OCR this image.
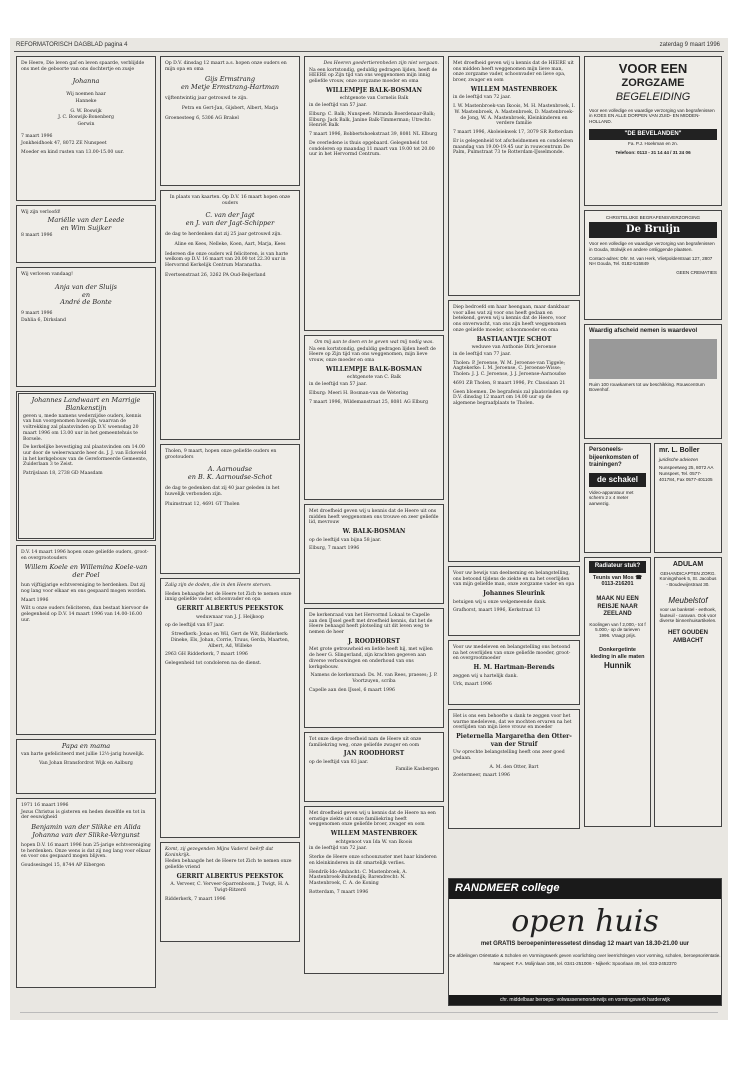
REFORMATORISCH DAGBLAD pagina 4	zaterdag 9 maart 1996

De Heere, Die leven gaf en leven spaarde, verblijdde ons met de geboorte van ons dochtertje en zusje

Johanna

Wij noemen haar

Hanneke

G. W. Boswijk

J. C. Boswijk-Bonenberg

Gerwin

7 maart 1996

Jonkheidhoek 47, 8072 ZE Nunspeet

Moeder en kind rusten van 13.00-15.00 uur.

Wij zijn verloofd!

Mariëlle van der Leede
en Wim Suijker

8 maart 1996

Wij verloven vandaag!

Anja van der Sluijs
en
André de Bonte

9 maart 1996

Dahlia 6, Dirksland

Johannes Landwaart en Marrigje Blankenstijn

geven u, mede namens wederzijdse ouders, kennis van hun voorgenomen huwelijk, waarvan de voltrekking zal plaatsvinden op D.V. woensdag 20 maart 1996 om 13.00 uur in het gemeentehuis te Borsele.

De kerkelijke bevestiging zal plaatsvinden om 14.00 uur door de weleerwaarde heer ds. J. J. van Eckeveld in het kerkgebouw van de Gereformeerde Gemeente, Zuiderlaan 3 te Zeist.

Patrijslaan 18, 2738 GD Maasdam

D.V. 14 maart 1996 hopen onze geliefde ouders, groot- en overgrootouders

Willem Koele en Willemina Koele-van der Poel

hun vijftigjarige echtvereniging te herdenken. Dat zij nog lang voor elkaar en ons gespaard mogen worden.

Maart 1996

Wilt u onze ouders feliciteren, dan bestaat hiervoor de gelegenheid op D.V. 14 maart 1996 van 14.00-16.00 uur.

Papa en mama

van harte gefeliciteerd met jullie 12½-jarig huwelijk.

Van Johan Bransfordrot Wijk en Aalburg

1971 16 maart 1996

Jezus Christus is gisteren en heden dezelfde en tot in der eeuwigheid

Benjamin van der Slikke en Alida Johanna van der Slikke-Vergunst

hopen D.V. 16 maart 1996 hun 25-jarige echtvereniging te herdenken. Onze wens is dat zij nog lang voor elkaar en voor ons gespaard mogen blijven.

Goudsesingel 15, 8744 AP Eibergen

Op D.V. dinsdag 12 maart a.s. hopen onze ouders en mijn opa en oma

Gijs Ermstrang
en Metje Ermstrang-Hartman

vijftentwintig jaar getrouwd te zijn.

Petra en Gert-Jan, Gijsbert, Albert, Marja

Groenesteeg 6, 5306 AG Brakel

In plaats van kaarten. Op D.V. 16 maart hopen onze ouders

C. van der Jagt
en J. van der Jagt-Schipper

de dag te herdenken dat zij 25 jaar getrouwd zijn.

Aline en Kees, Nelleke, Koen, Aart, Marja, Kees

Iedereen die onze ouders wil feliciteren, is van harte welkom op D.V. 16 maart van 20.00 tot 22.30 uur in Hervormd Kerkelijk Centrum Maranatha.

Evertsenstraat 26, 3262 PA Oud-Beijerland

Tholen, 9 maart, hopen onze geliefde ouders en grootouders

A. Aarnoudse
en B. K. Aarnoudse-Schot

de dag te gedenken dat zij 40 jaar geleden in het huwelijk verbonden zijn.

Pluimstraat 12, 4691 GT Tholen

Zalig zijn de doden, die in den Heere sterven.

Heden behaagde het de Heere tot Zich te nemen onze innig geliefde vader, schoonvader en opa

GERRIT ALBERTUS PEEKSTOK

weduwnaar van J. J. Heijkoop

op de leeftijd van 87 jaar.

Streefkerk: Jonas en Wil, Gert de Wit, Ridderkerk: Dineke, Els, Johan, Corrie, Truus, Gerda, Maarten, Albert, Ad, Willeke

2963 GH Ridderkerk, 7 maart 1996

Gelegenheid tot condoleren na de dienst.

Komt, zij gezegenden Mijns Vaders! beërft dat Koninkrijk.

Heden behaagde het de Heere tot Zich te nemen onze geliefde vriend

GERRIT ALBERTUS PEEKSTOK

A. Verveer, C. Verveer-Sparrenboom, J. Twigt, H. A. Twigt-Ritzerd

Ridderkerk, 7 maart 1996

Des Heeren goedertierenheden zijn niet vergaan.

Na een kortstondig, geduldig gedragen lijden, heeft de HEERE op Zijn tijd van ons weggenomen mijn innig geliefde vrouw, onze zorgzame moeder en oma

WILLEMPJE BALK-BOSMAN

echtgenote van Cornelis Balk

in de leeftijd van 57 jaar.

Elburg: C. Balk; Nunspeet: Miranda Boerdenaar-Balk; Elburg: Jack Balk, Janine Balk-Timmerman; Utrecht: Henriët Balk

7 maart 1996, Bobbertshoekstraat 39, 8081 NL Elburg

De overledene is thuis opgebaard. Gelegenheid tot condoleren op maandag 11 maart van 19.00 tot 20.00 uur in het Hervormd Centrum.

Om mij aan te doen en te geven wat mij nodig was.

Na een kortstondig, geduldig gedragen lijden heeft de Heere op Zijn tijd van ons weggenomen, mijn lieve vrouw, onze moeder en oma

WILLEMPJE BALK-BOSMAN

echtgenote van C. Balk

in de leeftijd van 57 jaar.

Elburg: Meeri H. Bosman-van de Wetering

7 maart 1996, Wildemanstraat 25, 8081 AG Elburg

Met droefheid geven wij u kennis dat de Heere uit ons midden heeft weggenomen ons trouwe en zeer geliefde lid, mevrouw

W. BALK-BOSMAN

op de leeftijd van bijna 58 jaar.

Elburg, 7 maart 1996

De kerkenraad van het Hervormd Lokaal te Capelle aan den IJssel geeft met droefheid kennis, dat het de Heere behaagd heeft plotseling uit dit leven weg te nemen de heer

J. ROODHORST

Met grote getrouwheid en liefde heeft hij, met wijlen de heer G. Slingerland, zijn krachten gegeven aan diverse verbouwingen en onderhoud van ons kerkgebouw.

Namens de kerkenraad: Ds. M. van Rees, praeses; J. P. Voortzuyen, scriba

Capelle aan den IJssel, 6 maart 1996

Tot onze diepe droefheid nam de Heere uit onze familiekring weg, onze geliefde zwager en oom

JAN ROODHORST

op de leeftijd van 83 jaar.

Familie Kasbergen

Met droefheid geven wij u kennis dat de Heere na een ernstige ziekte uit onze familiekring heeft weggenomen onze geliefde broer, zwager en oom

WILLEM MASTENBROEK

echtgenoot van Ida W. van Ikoois

in de leeftijd van 72 jaar.

Sterke de Heere onze schoonzuster met haar kinderen en kleinkinderen in dit smartelijk verlies.

Hendrik-Ido-Ambacht: C. Mastenbroek, A. Mastenbroek-Buitendijk; Barendrecht: N. Mastenbroek, C. A. de Koning

Rotterdam, 7 maart 1996

Met droefheid geven wij u kennis dat de HEERE uit ons midden heeft weggenomen mijn lieve man, onze zorgzame vader, schoonvader en lieve opa, broer, zwager en oom

WILLEM MASTENBROEK

in de leeftijd van 72 jaar.

I. W. Mastenbroek-van Ikoois, M. H. Mastenbroek, I. W. Mastenbroek, A. Mastenbroek, D. Mastenbroek-de Jong, W. A. Mastenbroek, Kleinkinderen en verdere familie

7 maart 1996, Akoleiekwek 17, 3079 SR Rotterdam

Er is gelegenheid tot afscheidnemen en condoleren maandag van 19.00-19.45 uur in rouwcentrum De Palm, Pulmstraat 73 te Rotterdam-IJsselmonde.

Diep bedroefd om haar heengaan, maar dankbaar voor alles wat zij voor ons heeft gedaan en betekend, geven wij u kennis dat de Heere, voor ons onverwacht, van ons zijn heeft weggenomen onze geliefde moeder, schoonmoeder en oma

BASTIAANTJE SCHOT

weduwe van Anthonie Dirk Jeroense

in de leeftijd van 77 jaar.

Tholen: P. Jeroense, W. M. Jeroense-van Tiggele; Aagtekerke: I. M. Jeroense, C. Jeroense-Wisse; Tholen: J. J. C. Jeroense, J. J. Jeroense-Aarnoudse

4691 ZB Tholen, 8 maart 1996, Pr. Clausiaan 21

Geen bloemen. De begrafenis zal plaatsvinden op D.V. dinsdag 12 maart om 14.00 uur op de algemene begraafplaats te Tholen.

Voor uw bewijs van deelneming en belangstelling, ons betoond tijdens de ziekte en na het overlijden van mijn geliefde man, onze zorgzame vader en opa

Johannes Sleurink

betuigen wij u onze welgemeende dank.

Grafhorst, maart 1996, Kerkstraat 13

Voor uw medeleven en belangstelling ons betoond na het overlijden van onze geliefde moeder, groot- en overgrootmoeder

H. M. Hartman-Berends

zeggen wij u hartelijk dank.

Urk, maart 1996

Het is ons een behoefte u dank te zeggen voor het warme medeleven, dat we mochten ervaren na het overlijden van mijn lieve vrouw en moeder

Pieternella Margaretha den Otter-van der Struif

Uw oprechte belangstelling heeft ons zeer goed gedaan.

A. M. den Otter, Bart

Zoetermeer, maart 1996

VOOR EEN
ZORGZAME
BEGELEIDING

Voor een volledige en waardige verzorging van begrafenissen in KOES EN ALLE DORPEN VAN ZUID- EN MIDDEN-HOLLAND.

"DE BEVELANDEN"

Fa. P.J. Hoekman en zn.

Telefoon: 0113 - 31 14 44 / 31 24 06

CHRISTELIJKE BEGRAFENISVERZORGING

De Bruijn

Voor een volledige en waardige verzorging van begrafenissen in Gouda, Stolwijk en andere omliggende plaatsen.

Contact-adres: Dhr. M. van Herk, Vlietpolderstraat 127, 2807 NH Gouda, Tel. 0182-515849

GEEN CREMATIES

Waardig afscheid nemen is waardevol

Ruim 100 rouwkamers tot uw beschikking. Rouwcentrum Bovenhof.

Personeels-bijeenkomsten of trainingen?
de schakel

Video-apparatuur met scherm 2 x 4 meter aanwezig.

mr. L. Boller

juridische adviezen

Nunspeetweg 25, 8072 AA Nunspeet, Tel. 0577-401784, Fax 0577-401105

Radiateur stuk?
Teunis van Mos ☎ 0113-216201
MAAK NU EEN REISJE NAAR ZEELAND

Koolingen van f 2,000,- tot f 5.000,- op de tarieven 1996. Vraagt prijs.

Donkergetinte kleding in alle maten
Hunnik
ADULAM

GEHANDICAPTEN ZORG. Koningshoek 5, St. Jacobus - Boudewijnstraat 30.

Meubelstof

voor uw bankstel - eethoek, fauteuil - caravan. Ook voor diverse binnenhuisartikelen.

HET GOUDEN AMBACHT
RANDMEER college
open huis

met GRATIS beroepeninteressetest dinsdag 12 maart van 18.30-21.00 uur

De afdelingen Oriëntatie & Scholen en Vormingswerk geven voorlichting over leerrichtingen voor vorming, scholen, beroepsoriëntatie.

Nunspeet: F.A. Molijnlaan 166, tel. 0341-251006 - Nijkerk: Spoorlaan 49, tel. 033-2452370

chr. middelbaar beroeps- volwassenenonderwijs en vormingswerk harderwijk
